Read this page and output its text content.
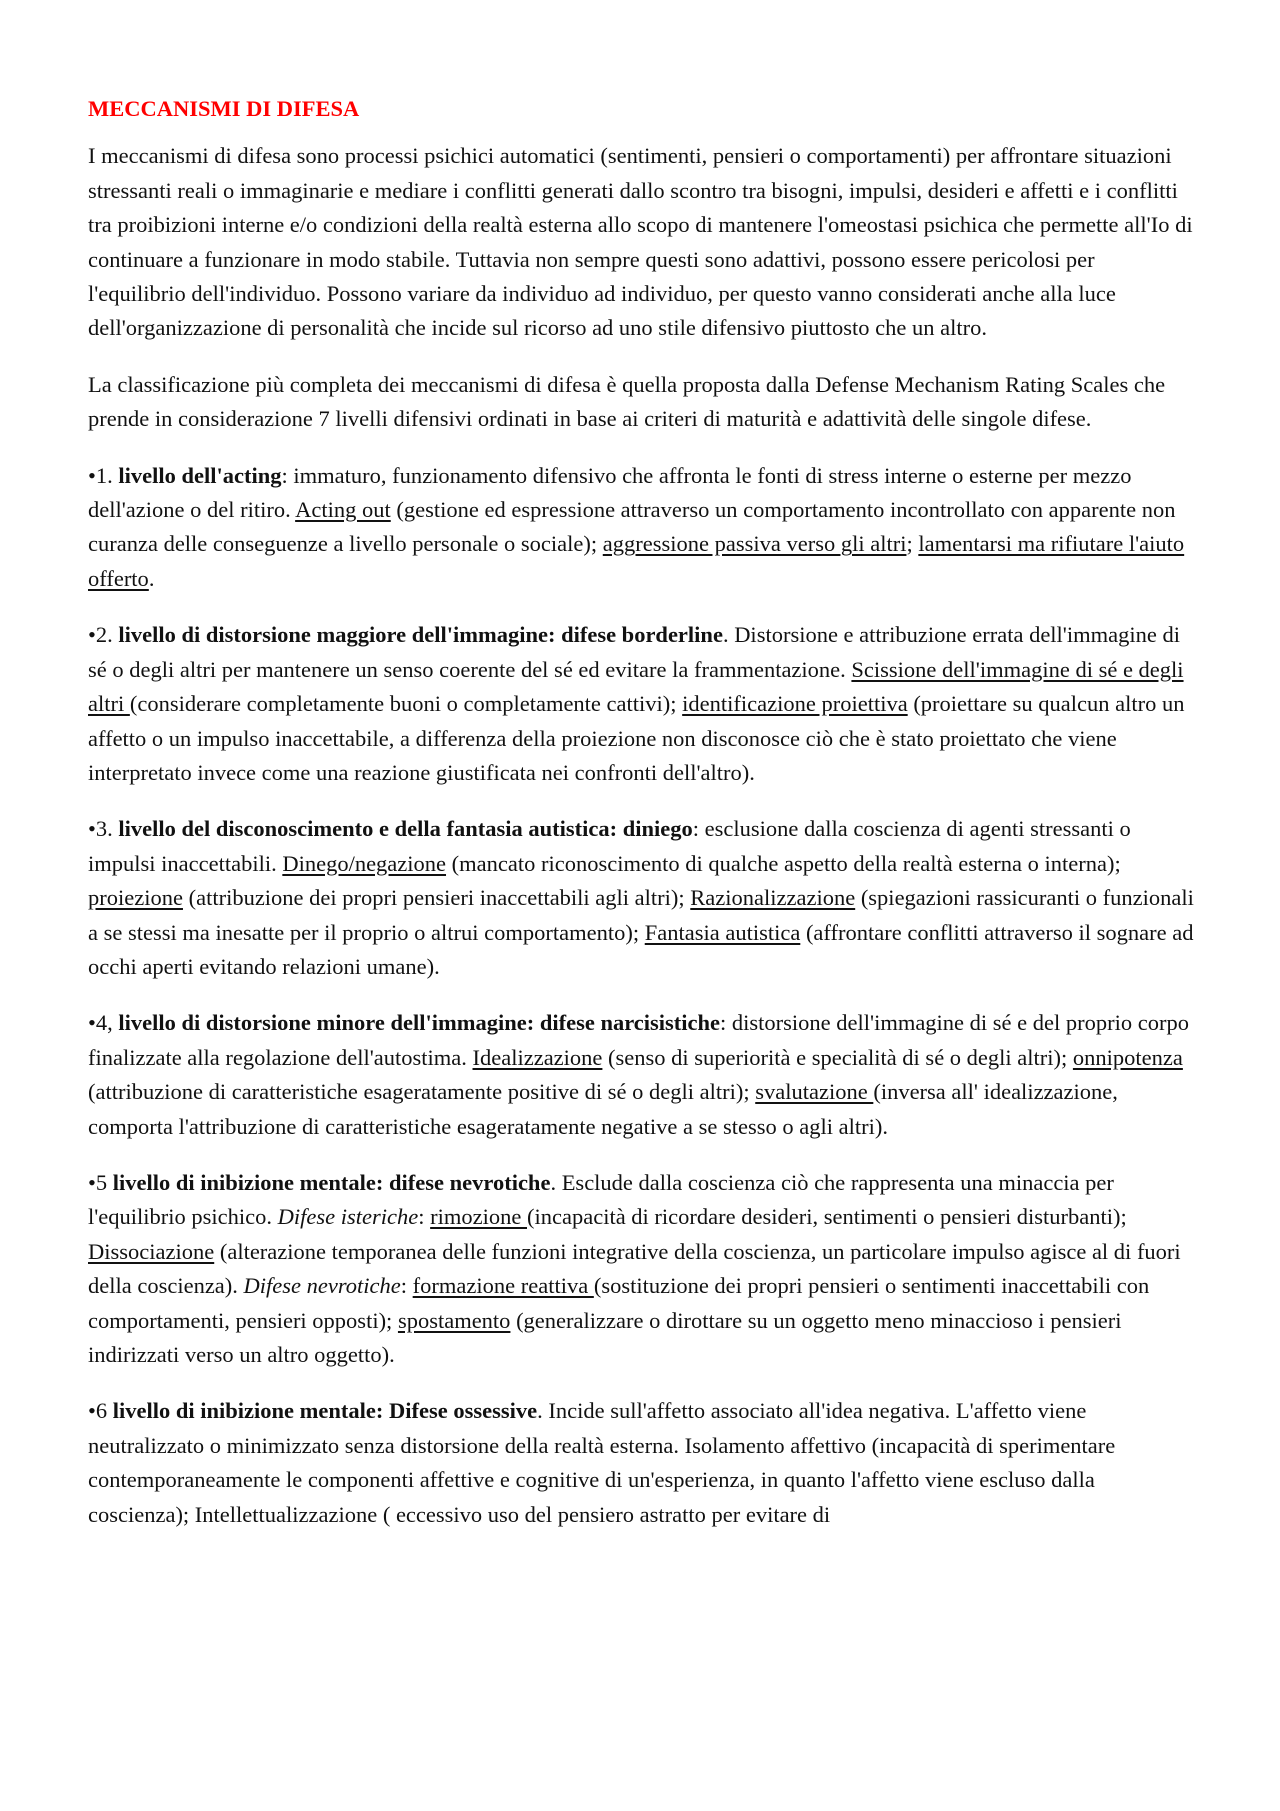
MECCANISMI DI DIFESA

I meccanismi di difesa sono processi psichici automatici (sentimenti, pensieri o comportamenti) per affrontare situazioni stressanti reali o immaginarie e mediare i conflitti generati dallo scontro tra bisogni, impulsi, desideri e affetti e i conflitti tra proibizioni interne e/o condizioni della realtà esterna allo scopo di mantenere l'omeostasi psichica che permette all'Io di continuare a funzionare in modo stabile. Tuttavia non sempre questi sono adattivi, possono essere pericolosi per l'equilibrio dell'individuo. Possono variare da individuo ad individuo, per questo vanno considerati anche alla luce dell'organizzazione di personalità che incide sul ricorso ad uno stile difensivo piuttosto che un altro.

La classificazione più completa dei meccanismi di difesa è quella proposta dalla Defense Mechanism Rating Scales che prende in considerazione 7 livelli difensivi ordinati in base ai criteri di maturità e adattività delle singole difese.

•1. livello dell'acting: immaturo, funzionamento difensivo che affronta le fonti di stress interne o esterne per mezzo dell'azione o del ritiro. Acting out (gestione ed espressione attraverso un comportamento incontrollato con apparente non curanza delle conseguenze a livello personale o sociale); aggressione passiva verso gli altri; lamentarsi ma rifiutare l'aiuto offerto.

•2. livello di distorsione maggiore dell'immagine: difese borderline. Distorsione e attribuzione errata dell'immagine di sé o degli altri per mantenere un senso coerente del sé ed evitare la frammentazione. Scissione dell'immagine di sé e degli altri (considerare completamente buoni o completamente cattivi); identificazione proiettiva (proiettare su qualcun altro un affetto o un impulso inaccettabile, a differenza della proiezione non disconosce ciò che è stato proiettato che viene interpretato invece come una reazione giustificata nei confronti dell'altro).

•3. livello del disconoscimento e della fantasia autistica: diniego: esclusione dalla coscienza di agenti stressanti o impulsi inaccettabili. Dinego/negazione (mancato riconoscimento di qualche aspetto della realtà esterna o interna); proiezione (attribuzione dei propri pensieri inaccettabili agli altri); Razionalizzazione (spiegazioni rassicuranti o funzionali a se stessi ma inesatte per il proprio o altrui comportamento); Fantasia autistica (affrontare conflitti attraverso il sognare ad occhi aperti evitando relazioni umane).

•4, livello di distorsione minore dell'immagine: difese narcisistiche: distorsione dell'immagine di sé e del proprio corpo finalizzate alla regolazione dell'autostima. Idealizzazione (senso di superiorità e specialità di sé o degli altri); onnipotenza (attribuzione di caratteristiche esageratamente positive di sé o degli altri); svalutazione (inversa all' idealizzazione, comporta l'attribuzione di caratteristiche esageratamente negative a se stesso o agli altri).

•5 livello di inibizione mentale: difese nevrotiche. Esclude dalla coscienza ciò che rappresenta una minaccia per l'equilibrio psichico. Difese isteriche: rimozione (incapacità di ricordare desideri, sentimenti o pensieri disturbanti); Dissociazione (alterazione temporanea delle funzioni integrative della coscienza, un particolare impulso agisce al di fuori della coscienza). Difese nevrotiche: formazione reattiva (sostituzione dei propri pensieri o sentimenti inaccettabili con comportamenti, pensieri opposti); spostamento (generalizzare o dirottare su un oggetto meno minaccioso i pensieri indirizzati verso un altro oggetto).

•6 livello di inibizione mentale: Difese ossessive. Incide sull'affetto associato all'idea negativa. L'affetto viene neutralizzato o minimizzato senza distorsione della realtà esterna. Isolamento affettivo (incapacità di sperimentare contemporaneamente le componenti affettive e cognitive di un'esperienza, in quanto l'affetto viene escluso dalla coscienza); Intellettualizzazione ( eccessivo uso del pensiero astratto per evitare di
